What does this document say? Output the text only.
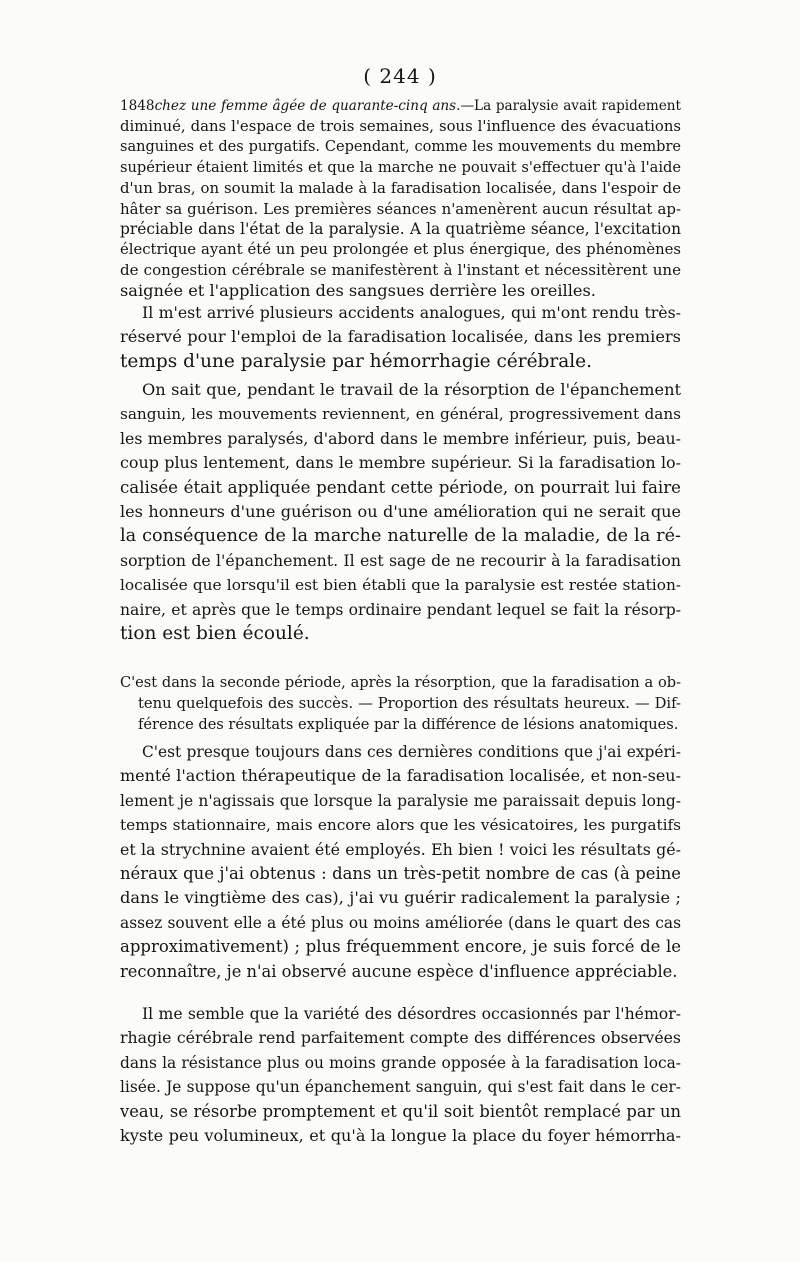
( 244 )
1848chez une femme âgée de quarante-cinq ans.—La paralysie avait rapidement
diminué, dans l'espace de trois semaines, sous l'influence des évacuations
sanguines et des purgatifs. Cependant, comme les mouvements du membre
supérieur étaient limités et que la marche ne pouvait s'effectuer qu'à l'aide
d'un bras, on soumit la malade à la faradisation localisée, dans l'espoir de
hâter sa guérison. Les premières séances n'amenèrent aucun résultat ap-
préciable dans l'état de la paralysie. A la quatrième séance, l'excitation
électrique ayant été un peu prolongée et plus énergique, des phénomènes
de congestion cérébrale se manifestèrent à l'instant et nécessitèrent une
saignée et l'application des sangsues derrière les oreilles.
Il m'est arrivé plusieurs accidents analogues, qui m'ont rendu très-
réservé pour l'emploi de la faradisation localisée, dans les premiers
temps d'une paralysie par hémorrhagie cérébrale.
On sait que, pendant le travail de la résorption de l'épanchement
sanguin, les mouvements reviennent, en général, progressivement dans
les membres paralysés, d'abord dans le membre inférieur, puis, beau-
coup plus lentement, dans le membre supérieur. Si la faradisation lo-
calisée était appliquée pendant cette période, on pourrait lui faire
les honneurs d'une guérison ou d'une amélioration qui ne serait que
la conséquence de la marche naturelle de la maladie, de la ré-
sorption de l'épanchement. Il est sage de ne recourir à la faradisation
localisée que lorsqu'il est bien établi que la paralysie est restée station-
naire, et après que le temps ordinaire pendant lequel se fait la résorp-
tion est bien écoulé.
C'est dans la seconde période, après la résorption, que la faradisation a ob-
tenu quelquefois des succès. — Proportion des résultats heureux. — Dif-
férence des résultats expliquée par la différence de lésions anatomiques.
C'est presque toujours dans ces dernières conditions que j'ai expéri-
menté l'action thérapeutique de la faradisation localisée, et non-seu-
lement je n'agissais que lorsque la paralysie me paraissait depuis long-
temps stationnaire, mais encore alors que les vésicatoires, les purgatifs
et la strychnine avaient été employés. Eh bien ! voici les résultats gé-
néraux que j'ai obtenus : dans un très-petit nombre de cas (à peine
dans le vingtième des cas), j'ai vu guérir radicalement la paralysie ;
assez souvent elle a été plus ou moins améliorée (dans le quart des cas
approximativement) ; plus fréquemment encore, je suis forcé de le
reconnaître, je n'ai observé aucune espèce d'influence appréciable.
Il me semble que la variété des désordres occasionnés par l'hémor-
rhagie cérébrale rend parfaitement compte des différences observées
dans la résistance plus ou moins grande opposée à la faradisation loca-
lisée. Je suppose qu'un épanchement sanguin, qui s'est fait dans le cer-
veau, se résorbe promptement et qu'il soit bientôt remplacé par un
kyste peu volumineux, et qu'à la longue la place du foyer hémorrha-
